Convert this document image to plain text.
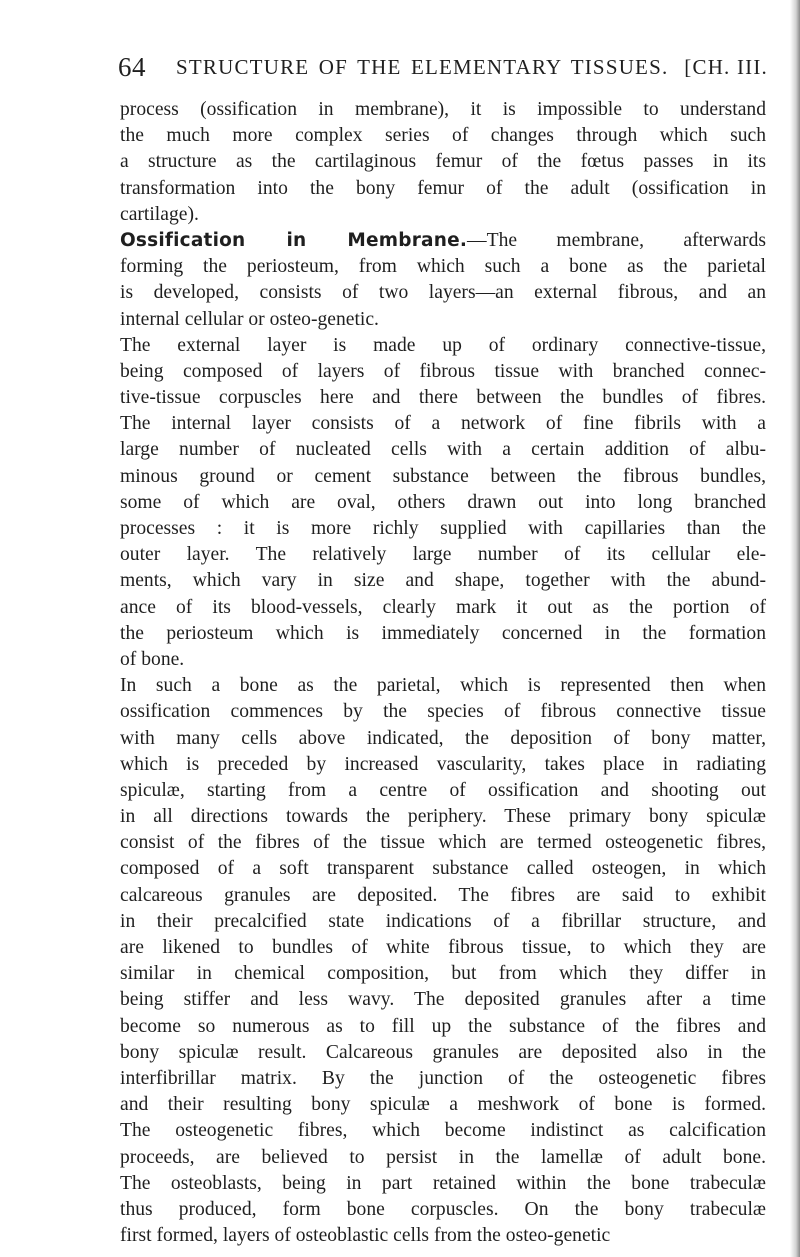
64 STRUCTURE OF THE ELEMENTARY TISSUES. [CH. III.
process (ossification in membrane), it is impossible to understand
the much more complex series of changes through which such
a structure as the cartilaginous femur of the fœtus passes in its
transformation into the bony femur of the adult (ossification in
cartilage).
Ossification in Membrane.—The membrane, afterwards
forming the periosteum, from which such a bone as the parietal
is developed, consists of two layers—an external fibrous, and an
internal cellular or osteo-genetic.
The external layer is made up of ordinary connective-tissue,
being composed of layers of fibrous tissue with branched connec-
tive-tissue corpuscles here and there between the bundles of fibres.
The internal layer consists of a network of fine fibrils with a
large number of nucleated cells with a certain addition of albu-
minous ground or cement substance between the fibrous bundles,
some of which are oval, others drawn out into long branched
processes : it is more richly supplied with capillaries than the
outer layer. The relatively large number of its cellular ele-
ments, which vary in size and shape, together with the abund-
ance of its blood-vessels, clearly mark it out as the portion of
the periosteum which is immediately concerned in the formation
of bone.
In such a bone as the parietal, which is represented then when
ossification commences by the species of fibrous connective tissue
with many cells above indicated, the deposition of bony matter,
which is preceded by increased vascularity, takes place in radiating
spiculæ, starting from a centre of ossification and shooting out
in all directions towards the periphery. These primary bony spiculæ
consist of the fibres of the tissue which are termed osteogenetic fibres,
composed of a soft transparent substance called osteogen, in which
calcareous granules are deposited. The fibres are said to exhibit
in their precalcified state indications of a fibrillar structure, and
are likened to bundles of white fibrous tissue, to which they are
similar in chemical composition, but from which they differ in
being stiffer and less wavy. The deposited granules after a time
become so numerous as to fill up the substance of the fibres and
bony spiculæ result. Calcareous granules are deposited also in the
interfibrillar matrix. By the junction of the osteogenetic fibres
and their resulting bony spiculæ a meshwork of bone is formed.
The osteogenetic fibres, which become indistinct as calcification
proceeds, are believed to persist in the lamellæ of adult bone.
The osteoblasts, being in part retained within the bone trabeculæ
thus produced, form bone corpuscles. On the bony trabeculæ
first formed, layers of osteoblastic cells from the osteo-genetic
